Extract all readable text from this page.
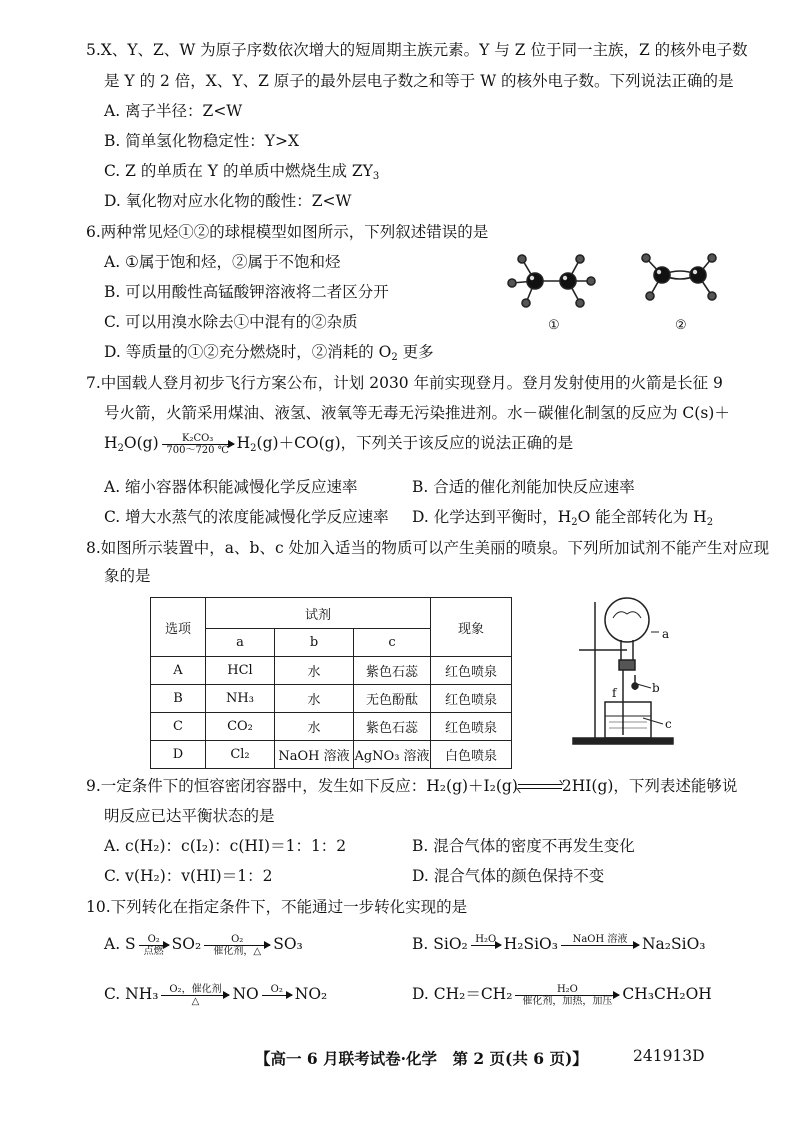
5.X、Y、Z、W 为原子序数依次增大的短周期主族元素。Y 与 Z 位于同一主族，Z 的核外电子数
是 Y 的 2 倍，X、Y、Z 原子的最外层电子数之和等于 W 的核外电子数。下列说法正确的是
A. 离子半径：Z<W
B. 简单氢化物稳定性：Y>X
C. Z 的单质在 Y 的单质中燃烧生成 $ZY_3$
D. 氧化物对应水化物的酸性：Z<W
6.两种常见烃①②的球棍模型如图所示，下列叙述错误的是
A. ①属于饱和烃，②属于不饱和烃
B. 可以用酸性高锰酸钾溶液将二者区分开
C. 可以用溴水除去①中混有的②杂质
D. 等质量的①②充分燃烧时，②消耗的 $O_2$ 更多
①	②
7.中国载人登月初步飞行方案公布，计划 2030 年前实现登月。登月发射使用的火箭是长征 9
号火箭，火箭采用煤油、液氢、液氧等无毒无污染推进剂。水－碳催化制氢的反应为 C(s)＋
$H_2O(g) \frac{\text{K₂CO₃}}{700\sim 720 ℃} H_2(g)+CO(g)$，下列关于该反应的说法正确的是
A. 缩小容器体积能减慢化学反应速率	B. 合适的催化剂能加快反应速率
C. 增大水蒸气的浓度能减慢化学反应速率 D. 化学达到平衡时，$H_2O$ 能全部转化为 $H_2$
8.如图所示装置中，a、b、c 处加入适当的物质可以产生美丽的喷泉。下列所加试剂不能产生对应现
象的是
选项	试剂			现象
	a	b	c	
A	HCl	水	紫色石蕊	红色喷泉
B	NH₃	水	无色酚酞	红色喷泉
C	CO₂	水	紫色石蕊	红色喷泉
D	Cl₂	NaOH 溶液	AgNO₃ 溶液	白色喷泉
a
b
c
f
9.一定条件下的恒容密闭容器中，发生如下反应：H₂(g)＋I₂(g)	2HI(g)，下列表述能够说
明反应已达平衡状态的是
A. c(H₂)：c(I₂)：c(HI)＝1：1：2	B. 混合气体的密度不再发生变化
C. v(H₂)：v(HI)＝1：2	D. 混合气体的颜色保持不变
10.下列转化在指定条件下，不能通过一步转化实现的是
A. S	O₂
点燃 SO₂	O₂
催化剂，△ SO₃	B. SiO₂ H₂O
H₂SiO₃	NaOH 溶液
Na₂SiO₃
C. NH₃	O₂，催化剂
△	NO	O₂
NO₂	D. CH₂＝CH₂	H₂O
催化剂，加热，加压 CH₃CH₂OH
【高一 6 月联考试卷·化学　第 2 页(共 6 页)】	241913D
